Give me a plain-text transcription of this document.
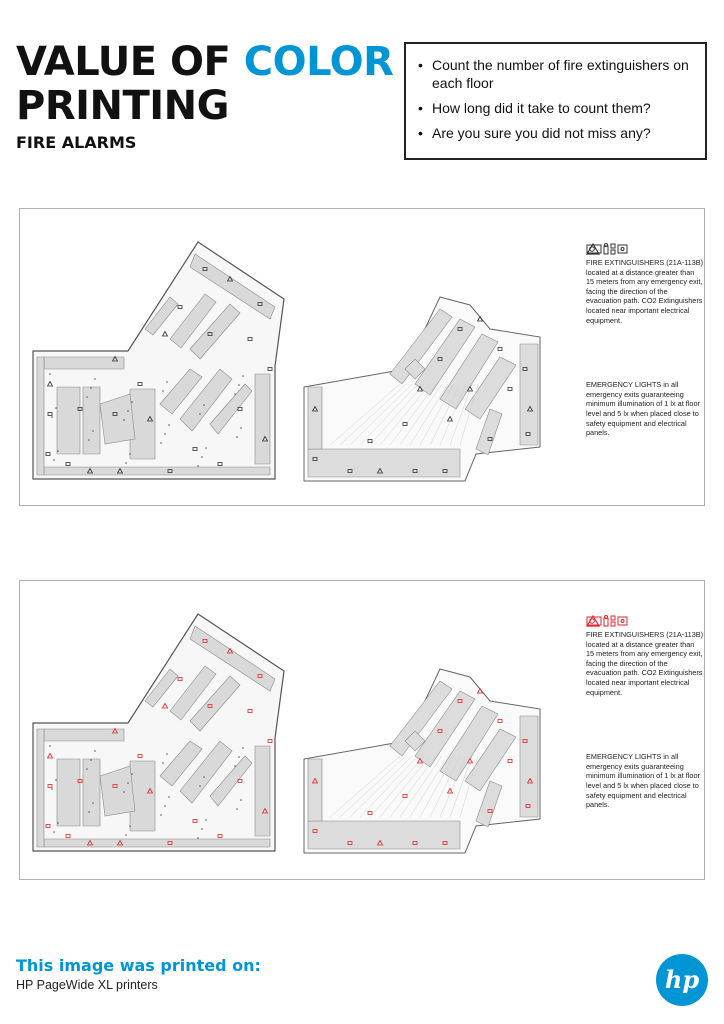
VALUE OF COLOR
PRINTING
FIRE ALARMS
• Count the number of fire extinguishers on each floor
• How long did it take to count them?
• Are you sure you did not miss any?

FIRE EXTINGUISHERS (21A-113B) located at a distance greater than 15 meters from any emergency exit, facing the direction of the evacuation path. CO2 Extinguishers located near important electrical equipment.

EMERGENCY LIGHTS in all emergency exits guaranteeing minimum illumination of 1 lx at floor level and 5 lx when placed close to safety equipment and electrical panels.

FIRE EXTINGUISHERS (21A-113B) located at a distance greater than 15 meters from any emergency exit, facing the direction of the evacuation path. CO2 Extinguishers located near important electrical equipment.

EMERGENCY LIGHTS in all emergency exits guaranteeing minimum illumination of 1 lx at floor level and 5 lx when placed close to safety equipment and electrical panels.

This image was printed on:

HP PageWide XL printers	hp
